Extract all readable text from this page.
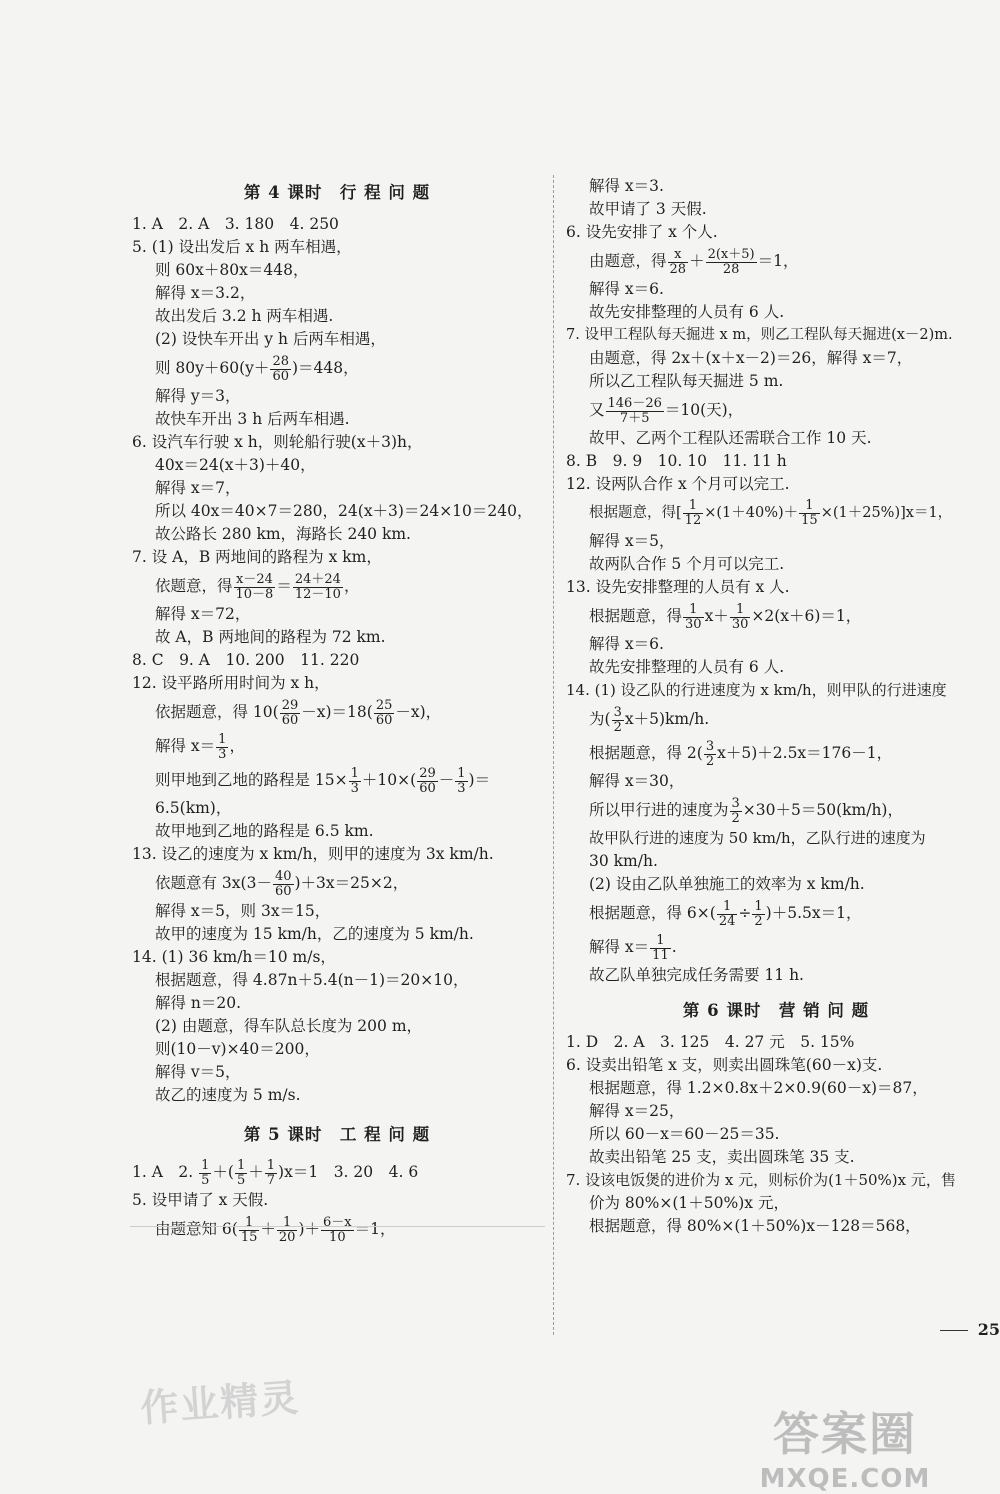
第 4 课时　行 程 问 题
1. A　2. A　3. 180　4. 250
5. (1) 设出发后 x h 两车相遇，
则 60x＋80x＝448，
解得 x＝3.2，
故出发后 3.2 h 两车相遇.
(2) 设快车开出 y h 后两车相遇，
则 $80y+60(y+ \frac{28}{60} )=448$，
解得 y＝3，
故快车开出 3 h 后两车相遇.
6. 设汽车行驶 x h，则轮船行驶(x＋3)h，
40x＝24(x＋3)＋40，
解得 x＝7，
所以 40x＝40×7＝280，24(x＋3)＝24×10＝240，
故公路长 280 km，海路长 240 km.
7. 设 A，B 两地间的路程为 x km，
依题意，得 $\frac{x-24}{10-8} = \frac{24+24}{12-10}$ ，
解得 x＝72，
故 A，B 两地间的路程为 72 km.
8. C　9. A　10. 200　11. 220
12. 设平路所用时间为 x h，
依据题意，得 $10( \frac{29}{60} -x)=18( \frac{25}{60} -x)$，
解得 $x= \frac{1}{3}$ ，
则甲地到乙地的路程是 $15\times \frac{1}{3} +10\times( \frac{29}{60} - \frac{1}{3}$ )＝
6.5(km)，
故甲地到乙地的路程是 6.5 km.
13. 设乙的速度为 x km/h，则甲的速度为 3x km/h.
依题意有 $3x(3- \frac{40}{60} )+3x=25\times 2$，
解得 x＝5，则 3x＝15，
故甲的速度为 15 km/h，乙的速度为 5 km/h.
14. (1) 36 km/h＝10 m/s，
根据题意，得 4.87n＋5.4(n－1)＝20×10，
解得 n＝20.
(2) 由题意，得车队总长度为 200 m，
则(10－v)×40＝200，
解得 v＝5，
故乙的速度为 5 m/s.
第 5 课时　工 程 问 题
1. A　2. $\frac{1}{5}$ ＋( $\frac{1}{5} + \frac{1}{7} )x=1$　3. 20　4. 6
5. 设甲请了 x 天假.
由题意知 $6( \frac{1}{15} + \frac{1}{20}$ )＋ $\frac{6-x}{10} =1$，
解得 x＝3.
故甲请了 3 天假.
6. 设先安排了 x 个人.
由题意，得 $\frac{x}{28} + \frac{2(x+5)}{28} =1$，
解得 x＝6.
故先安排整理的人员有 6 人.
7. 设甲工程队每天掘进 x m，则乙工程队每天掘进(x－2)m.
由题意，得 2x＋(x＋x－2)＝26，解得 x＝7，
所以乙工程队每天掘进 5 m.
又 $\frac{146-26}{7+5} =10$(天)，
故甲、乙两个工程队还需联合工作 10 天.
8. B　9. 9　10. 10　11. 11 h
12. 设两队合作 x 个月可以完工.
根据题意，得[ $\frac{1}{12} \times(1+40\%)+ \frac{1}{15} \times(1+25\%)]x=1$，
解得 x＝5，
故两队合作 5 个月可以完工.
13. 设先安排整理的人员有 x 人.
根据题意，得 $\frac{1}{30} x+ \frac{1}{30} \times 2(x+6)=1$，
解得 x＝6.
故先安排整理的人员有 6 人.
14. (1) 设乙队的行进速度为 x km/h，则甲队的行进速度
为( $\frac{3}{2} x+5)km/h$.
根据题意，得 $2( \frac{3}{2} x+5)+2.5x=176-1$，
解得 x＝30，
所以甲行进的速度为 $\frac{3}{2} \times 30+5=50(km/h)$，
故甲队行进的速度为 50 km/h，乙队行进的速度为
30 km/h.
(2) 设由乙队单独施工的效率为 x km/h.
根据题意，得 $6\times( \frac{1}{24} \div \frac{1}{2} )+5.5x=1$，
解得 $x= \frac{1}{11}$ .
故乙队单独完成任务需要 11 h.
第 6 课时　营 销 问 题
1. D　2. A　3. 125　4. 27 元　5. 15%
6. 设卖出铅笔 x 支，则卖出圆珠笔(60－x)支.
根据题意，得 1.2×0.8x＋2×0.9(60－x)＝87，
解得 x＝25，
所以 60－x＝60－25＝35.
故卖出铅笔 25 支，卖出圆珠笔 35 支.
7. 设该电饭煲的进价为 x 元，则标价为(1＋50%)x 元，售
价为 80%×(1＋50%)x 元，
根据题意，得 80%×(1＋50%)x－128＝568，
25
作业精灵
答案圈
MXQE.COM
